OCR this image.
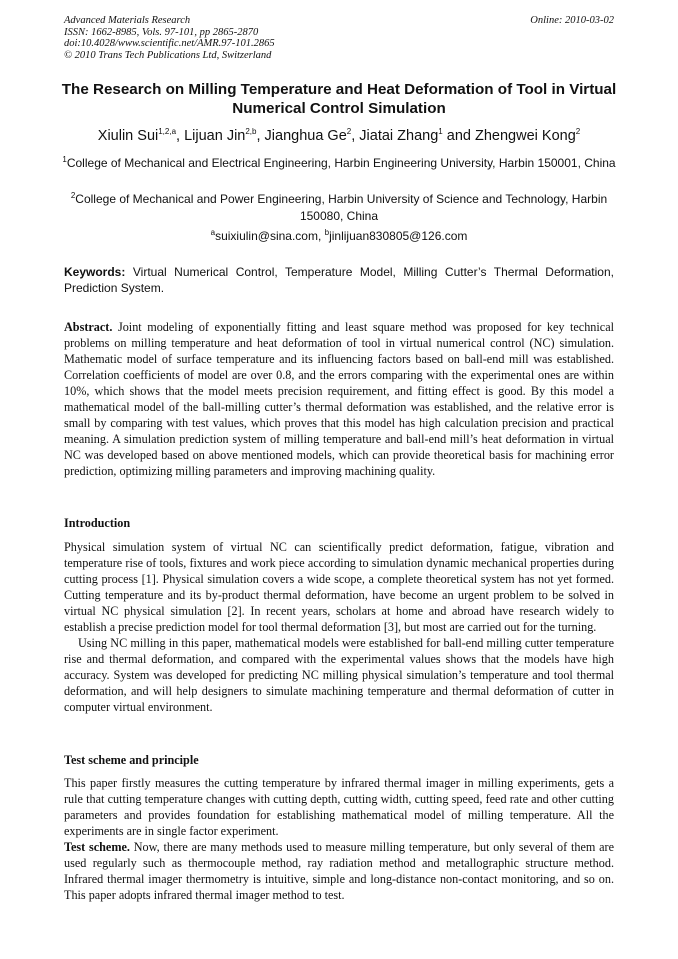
Advanced Materials Research
ISSN: 1662-8985, Vols. 97-101, pp 2865-2870
doi:10.4028/www.scientific.net/AMR.97-101.2865
© 2010 Trans Tech Publications Ltd, Switzerland
Online: 2010-03-02
The Research on Milling Temperature and Heat Deformation of Tool in Virtual Numerical Control Simulation
Xiulin Sui$^{1,2,a}$, Lijuan Jin$^{2,b}$, Jianghua Ge$^2$, Jiatai Zhang$^1$ and Zhengwei Kong$^2$
$^1$College of Mechanical and Electrical Engineering, Harbin Engineering University, Harbin 150001, China
$^2$College of Mechanical and Power Engineering, Harbin University of Science and Technology, Harbin 150080, China
$^a$suixiulin@sina.com, $^b$jinlijuan830805@126.com
Keywords: Virtual Numerical Control, Temperature Model, Milling Cutter’s Thermal Deformation, Prediction System.

Abstract. Joint modeling of exponentially fitting and least square method was proposed for key technical problems on milling temperature and heat deformation of tool in virtual numerical control (NC) simulation. Mathematic model of surface temperature and its influencing factors based on ball-end mill was established. Correlation coefficients of model are over 0.8, and the errors comparing with the experimental ones are within 10%, which shows that the model meets precision requirement, and fitting effect is good. By this model a mathematical model of the ball-milling cutter’s thermal deformation was established, and the relative error is small by comparing with test values, which proves that this model has high calculation precision and practical meaning. A simulation prediction system of milling temperature and ball-end mill’s heat deformation in virtual NC was developed based on above mentioned models, which can provide theoretical basis for machining error prediction, optimizing milling parameters and improving machining quality.

Introduction

Physical simulation system of virtual NC can scientifically predict deformation, fatigue, vibration and temperature rise of tools, fixtures and work piece according to simulation dynamic mechanical properties during cutting process [1]. Physical simulation covers a wide scope, a complete theoretical system has not yet formed. Cutting temperature and its by-product thermal deformation, have become an urgent problem to be solved in virtual NC physical simulation [2]. In recent years, scholars at home and abroad have research widely to establish a precise prediction model for tool thermal deformation [3], but most are carried out for the turning.

Using NC milling in this paper, mathematical models were established for ball-end milling cutter temperature rise and thermal deformation, and compared with the experimental values shows that the models have high accuracy. System was developed for predicting NC milling physical simulation’s temperature and tool thermal deformation, and will help designers to simulate machining temperature and thermal deformation of cutter in computer virtual environment.

Test scheme and principle

This paper firstly measures the cutting temperature by infrared thermal imager in milling experiments, gets a rule that cutting temperature changes with cutting depth, cutting width, cutting speed, feed rate and other cutting parameters and provides foundation for establishing mathematical model of milling temperature. All the experiments are in single factor experiment.

Test scheme. Now, there are many methods used to measure milling temperature, but only several of them are used regularly such as thermocouple method, ray radiation method and metallographic structure method. Infrared thermal imager thermometry is intuitive, simple and long-distance non-contact monitoring, and so on. This paper adopts infrared thermal imager method to test.
